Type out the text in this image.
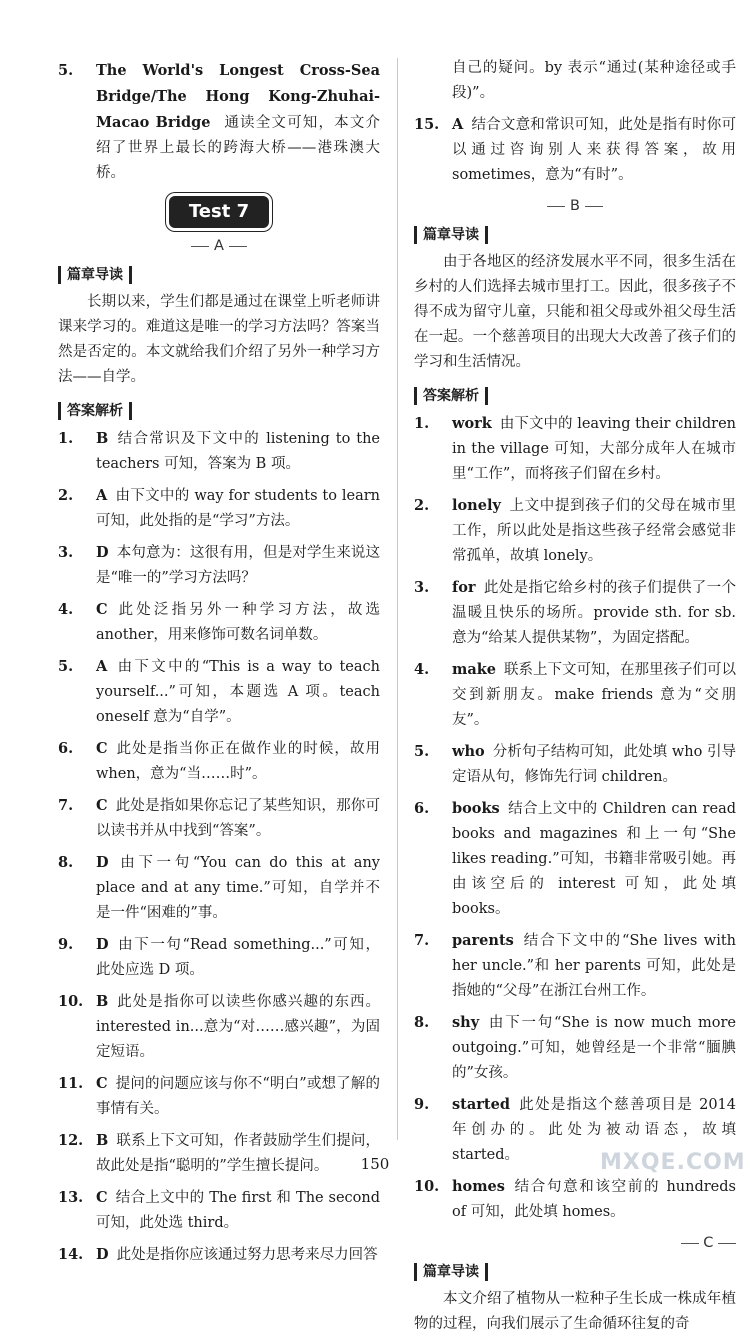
5.	The World's Longest Cross-Sea Bridge/The Hong Kong-Zhuhai-Macao Bridge 通读全文可知，本文介绍了世界上最长的跨海大桥——港珠澳大桥。
Test 7
A
篇章导读
长期以来，学生们都是通过在课堂上听老师讲课来学习的。难道这是唯一的学习方法吗？答案当然是否定的。本文就给我们介绍了另外一种学习方法——自学。
答案解析
1.	B 结合常识及下文中的 listening to the teachers 可知，答案为 B 项。
2.	A 由下文中的 way for students to learn 可知，此处指的是“学习”方法。
3.	D 本句意为：这很有用，但是对学生来说这是“唯一的”学习方法吗？
4.	C 此处泛指另外一种学习方法，故选 another，用来修饰可数名词单数。
5.	A 由下文中的“This is a way to teach yourself...”可知，本题选 A 项。teach oneself 意为“自学”。
6.	C 此处是指当你正在做作业的时候，故用 when，意为“当……时”。
7.	C 此处是指如果你忘记了某些知识，那你可以读书并从中找到“答案”。
8.	D 由下一句“You can do this at any place and at any time.”可知，自学并不是一件“困难的”事。
9.	D 由下一句“Read something...”可知，此处应选 D 项。
10. B 此处是指你可以读些你感兴趣的东西。interested in...意为“对……感兴趣”，为固定短语。
11. C 提问的问题应该与你不“明白”或想了解的事情有关。
12. B 联系上下文可知，作者鼓励学生们提问，故此处是指“聪明的”学生擅长提问。
13. C 结合上文中的 The first 和 The second 可知，此处选 third。
14. D 此处是指你应该通过努力思考来尽力回答

自己的疑问。by 表示“通过(某种途径或手段)”。
15. A 结合文意和常识可知，此处是指有时你可以通过咨询别人来获得答案，故用 sometimes，意为“有时”。
B
篇章导读
由于各地区的经济发展水平不同，很多生活在乡村的人们选择去城市里打工。因此，很多孩子不得不成为留守儿童，只能和祖父母或外祖父母生活在一起。一个慈善项目的出现大大改善了孩子们的学习和生活情况。
答案解析
1.	work 由下文中的 leaving their children in the village 可知，大部分成年人在城市里“工作”，而将孩子们留在乡村。
2.	lonely 上文中提到孩子们的父母在城市里工作，所以此处是指这些孩子经常会感觉非常孤单，故填 lonely。
3.	for 此处是指它给乡村的孩子们提供了一个温暖且快乐的场所。provide sth. for sb. 意为“给某人提供某物”，为固定搭配。
4.	make 联系上下文可知，在那里孩子们可以交到新朋友。make friends 意为“交朋友”。
5.	who 分析句子结构可知，此处填 who 引导定语从句，修饰先行词 children。
6.	books 结合上文中的 Children can read books and magazines 和上一句“She likes reading.”可知，书籍非常吸引她。再由该空后的 interest 可知，此处填 books。
7.	parents 结合下文中的“She lives with her uncle.”和 her parents 可知，此处是指她的“父母”在浙江台州工作。
8.	shy 由下一句“She is now much more outgoing.”可知，她曾经是一个非常“腼腆的”女孩。
9.	started 此处是指这个慈善项目是 2014 年创办的。此处为被动语态，故填 started。
10. homes 结合句意和该空前的 hundreds of 可知，此处填 homes。
C
篇章导读
本文介绍了植物从一粒种子生长成一株成年植物的过程，向我们展示了生命循环往复的奇
150	MXQE.COM
